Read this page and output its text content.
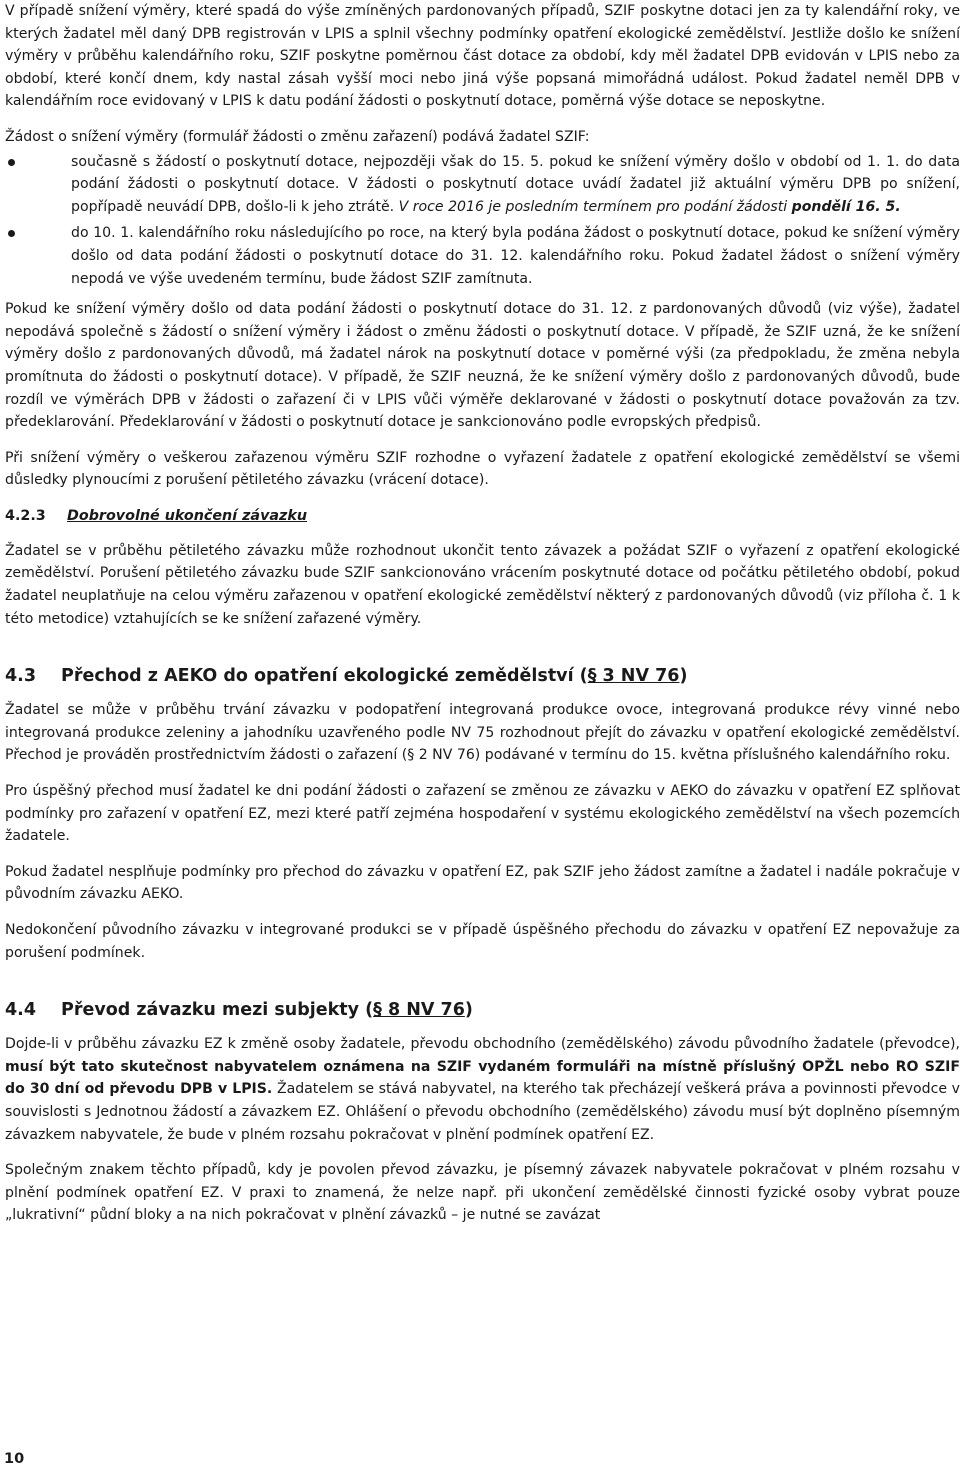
V případě snížení výměry, které spadá do výše zmíněných pardonovaných případů, SZIF poskytne dotaci jen za ty kalendářní roky, ve kterých žadatel měl daný DPB registrován v LPIS a splnil všechny podmínky opatření ekologické zemědělství. Jestliže došlo ke snížení výměry v průběhu kalendářního roku, SZIF poskytne poměrnou část dotace za období, kdy měl žadatel DPB evidován v LPIS nebo za období, které končí dnem, kdy nastal zásah vyšší moci nebo jiná výše popsaná mimořádná událost. Pokud žadatel neměl DPB v kalendářním roce evidovaný v LPIS k datu podání žádosti o poskytnutí dotace, poměrná výše dotace se neposkytne.

Žádost o snížení výměry (formulář žádosti o změnu zařazení) podává žadatel SZIF:

současně s žádostí o poskytnutí dotace, nejpozději však do 15. 5. pokud ke snížení výměry došlo v období od 1. 1. do data podání žádosti o poskytnutí dotace. V žádosti o poskytnutí dotace uvádí žadatel již aktuální výměru DPB po snížení, popřípadě neuvádí DPB, došlo-li k jeho ztrátě. V roce 2016 je posledním termínem pro podání žádosti pondělí 16. 5.
do 10. 1. kalendářního roku následujícího po roce, na který byla podána žádost o poskytnutí dotace, pokud ke snížení výměry došlo od data podání žádosti o poskytnutí dotace do 31. 12. kalendářního roku. Pokud žadatel žádost o snížení výměry nepodá ve výše uvedeném termínu, bude žádost SZIF zamítnuta.

Pokud ke snížení výměry došlo od data podání žádosti o poskytnutí dotace do 31. 12. z pardonovaných důvodů (viz výše), žadatel nepodává společně s žádostí o snížení výměry i žádost o změnu žádosti o poskytnutí dotace. V případě, že SZIF uzná, že ke snížení výměry došlo z pardonovaných důvodů, má žadatel nárok na poskytnutí dotace v poměrné výši (za předpokladu, že změna nebyla promítnuta do žádosti o poskytnutí dotace). V případě, že SZIF neuzná, že ke snížení výměry došlo z pardonovaných důvodů, bude rozdíl ve výměrách DPB v žádosti o zařazení či v LPIS vůči výměře deklarované v žádosti o poskytnutí dotace považován za tzv. předeklarování. Předeklarování v žádosti o poskytnutí dotace je sankcionováno podle evropských předpisů.

Při snížení výměry o veškerou zařazenou výměru SZIF rozhodne o vyřazení žadatele z opatření ekologické zemědělství se všemi důsledky plynoucími z porušení pětiletého závazku (vrácení dotace).

4.2.3 Dobrovolné ukončení závazku

Žadatel se v průběhu pětiletého závazku může rozhodnout ukončit tento závazek a požádat SZIF o vyřazení z opatření ekologické zemědělství. Porušení pětiletého závazku bude SZIF sankcionováno vrácením poskytnuté dotace od počátku pětiletého období, pokud žadatel neuplatňuje na celou výměru zařazenou v opatření ekologické zemědělství některý z pardonovaných důvodů (viz příloha č. 1 k této metodice) vztahujících se ke snížení zařazené výměry.

4.3 Přechod z AEKO do opatření ekologické zemědělství (§ 3 NV 76)

Žadatel se může v průběhu trvání závazku v podopatření integrovaná produkce ovoce, integrovaná produkce révy vinné nebo integrovaná produkce zeleniny a jahodníku uzavřeného podle NV 75 rozhodnout přejít do závazku v opatření ekologické zemědělství. Přechod je prováděn prostřednictvím žádosti o zařazení (§ 2 NV 76) podávané v termínu do 15. května příslušného kalendářního roku.

Pro úspěšný přechod musí žadatel ke dni podání žádosti o zařazení se změnou ze závazku v AEKO do závazku v opatření EZ splňovat podmínky pro zařazení v opatření EZ, mezi které patří zejména hospodaření v systému ekologického zemědělství na všech pozemcích žadatele.

Pokud žadatel nesplňuje podmínky pro přechod do závazku v opatření EZ, pak SZIF jeho žádost zamítne a žadatel i nadále pokračuje v původním závazku AEKO.

Nedokončení původního závazku v integrované produkci se v případě úspěšného přechodu do závazku v opatření EZ nepovažuje za porušení podmínek.

4.4 Převod závazku mezi subjekty (§ 8 NV 76)

Dojde-li v průběhu závazku EZ k změně osoby žadatele, převodu obchodního (zemědělského) závodu původního žadatele (převodce), musí být tato skutečnost nabyvatelem oznámena na SZIF vydaném formuláři na místně příslušný OPŽL nebo RO SZIF do 30 dní od převodu DPB v LPIS. Žadatelem se stává nabyvatel, na kterého tak přecházejí veškerá práva a povinnosti převodce v souvislosti s Jednotnou žádostí a závazkem EZ. Ohlášení o převodu obchodního (zemědělského) závodu musí být doplněno písemným závazkem nabyvatele, že bude v plném rozsahu pokračovat v plnění podmínek opatření EZ.

Společným znakem těchto případů, kdy je povolen převod závazku, je písemný závazek nabyvatele pokračovat v plném rozsahu v plnění podmínek opatření EZ. V praxi to znamená, že nelze např. při ukončení zemědělské činnosti fyzické osoby vybrat pouze „lukrativní“ půdní bloky a na nich pokračovat v plnění závazků – je nutné se zavázat

10
